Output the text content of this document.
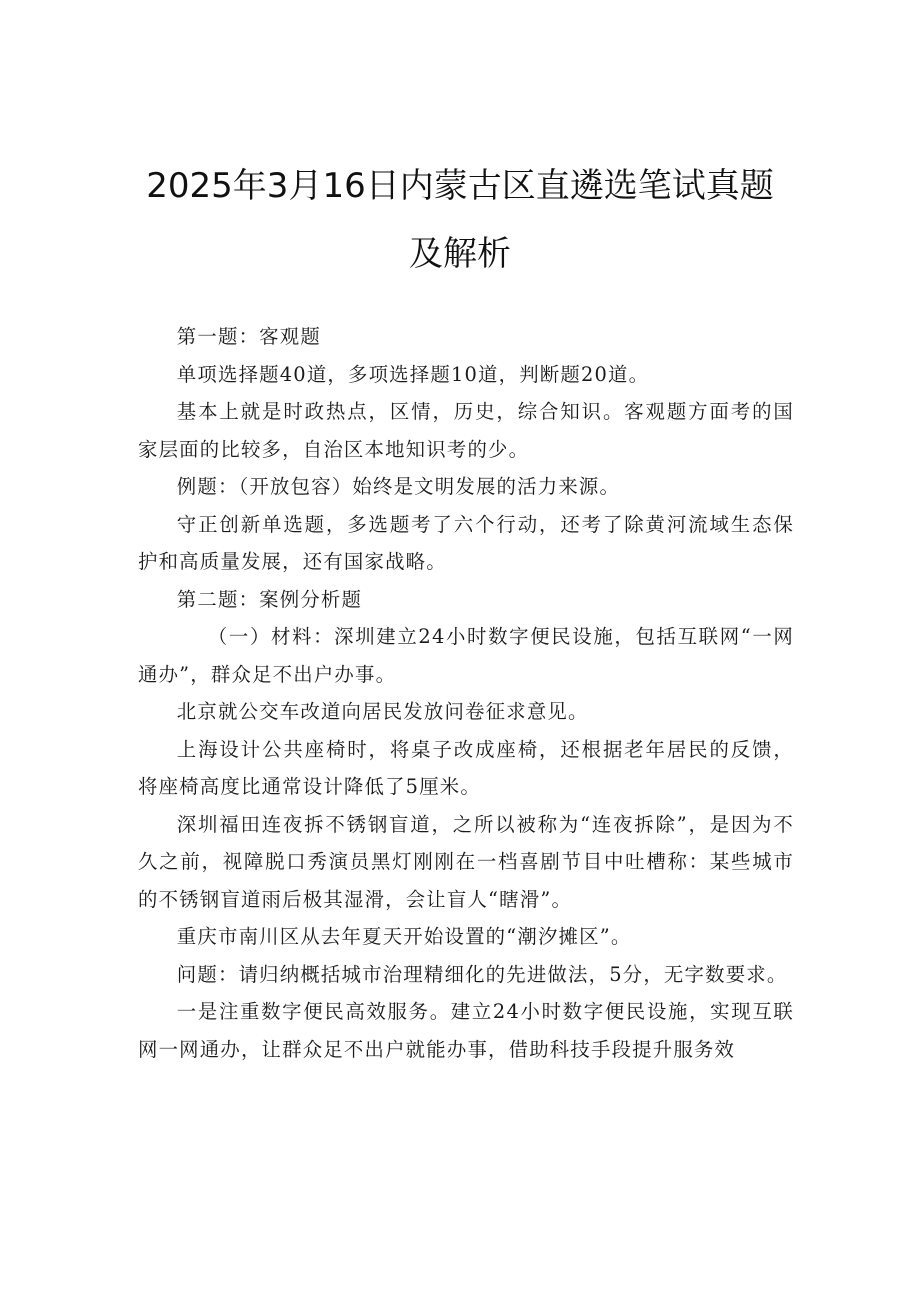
2025年3月16日内蒙古区直遴选笔试真题
及解析

第一题：客观题

单项选择题40道，多项选择题10道，判断题20道。

基本上就是时政热点，区情，历史，综合知识。客观题方面考的国家层面的比较多，自治区本地知识考的少。

例题：（开放包容）始终是文明发展的活力来源。

守正创新单选题，多选题考了六个行动，还考了除黄河流域生态保护和高质量发展，还有国家战略。

第二题：案例分析题

（一）材料：深圳建立24小时数字便民设施，包括互联网“一网通办”，群众足不出户办事。

北京就公交车改道向居民发放问卷征求意见。

上海设计公共座椅时，将桌子改成座椅，还根据老年居民的反馈，将座椅高度比通常设计降低了5厘米。

深圳福田连夜拆不锈钢盲道，之所以被称为“连夜拆除”，是因为不久之前，视障脱口秀演员黑灯刚刚在一档喜剧节目中吐槽称：某些城市的不锈钢盲道雨后极其湿滑，会让盲人“瞎滑”。

重庆市南川区从去年夏天开始设置的“潮汐摊区”。

问题：请归纳概括城市治理精细化的先进做法，5分，无字数要求。

一是注重数字便民高效服务。建立24小时数字便民设施，实现互联网一网通办，让群众足不出户就能办事，借助科技手段提升服务效
